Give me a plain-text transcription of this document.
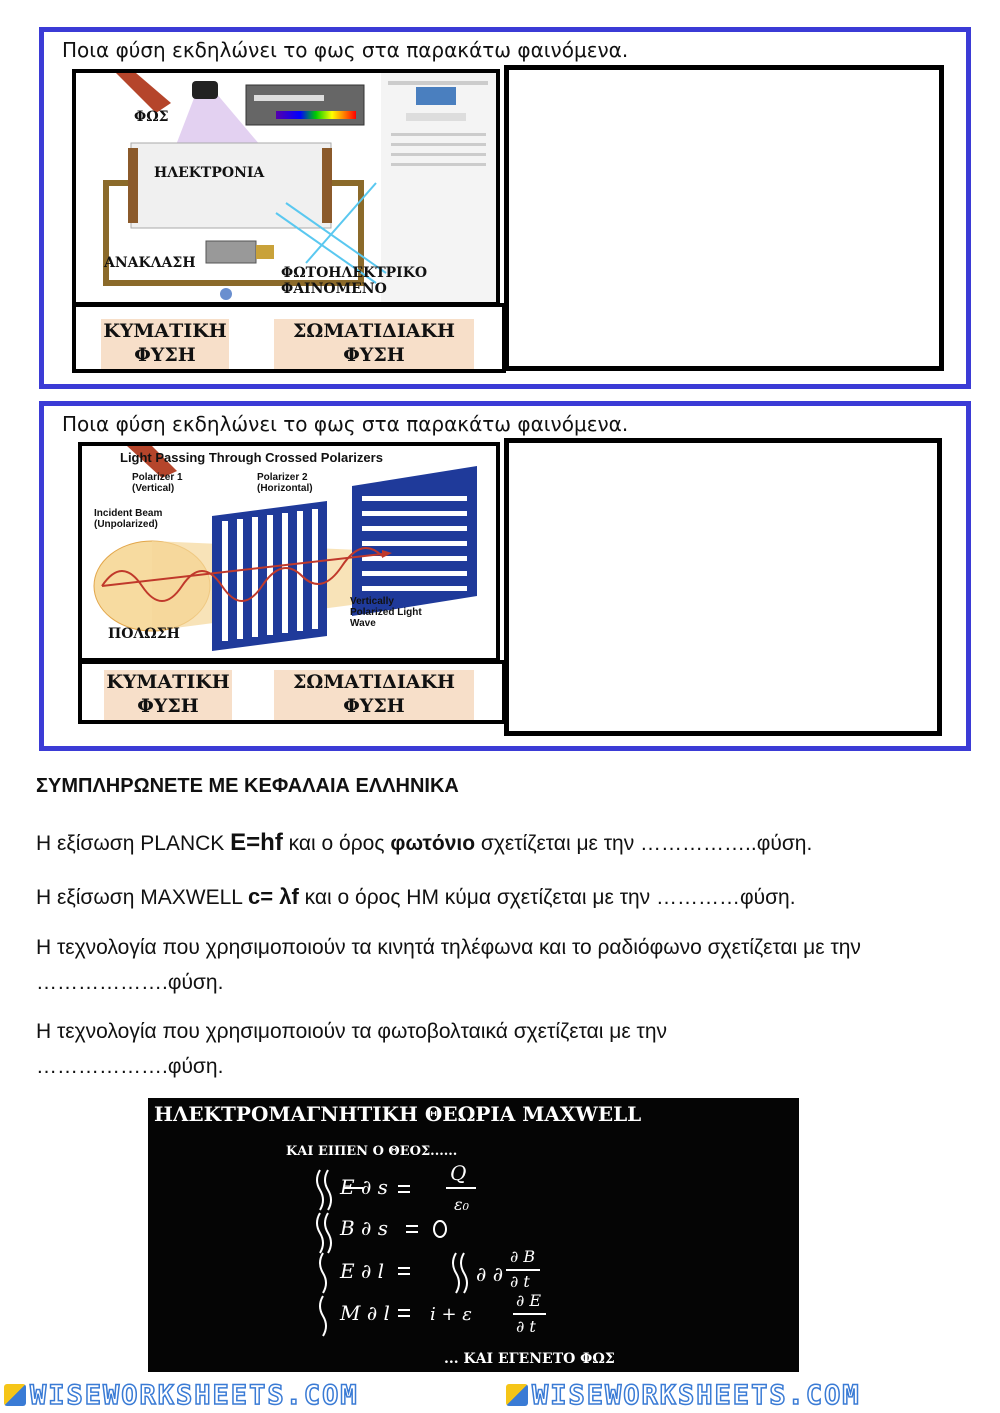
Ποια φύση εκδηλώνει το φως στα παρακάτω φαινόμενα.
ΦΩΣ
ΗΛΕΚΤΡΟΝΙΑ
ΑΝΑΚΛΑΣΗ
ΦΩΤΟΗΛΕΚΤΡΙΚΟ
ΦΑΙΝΟΜΕΝΟ
ΚΥΜΑΤΙΚΗ ΦΥΣΗ
ΣΩΜΑΤΙΔΙΑΚΗ ΦΥΣΗ
Ποια φύση εκδηλώνει το φως στα παρακάτω φαινόμενα.
Light Passing Through Crossed Polarizers
Polarizer 1 (Vertical)
Polarizer 2 (Horizontal)
Incident Beam (Unpolarized)
Vertically Polarized Light Wave
ΠΟΛΩΣΗ
ΚΥΜΑΤΙΚΗ ΦΥΣΗ
ΣΩΜΑΤΙΔΙΑΚΗ ΦΥΣΗ
ΣΥΜΠΛΗΡΩΝΕΤΕ ΜΕ ΚΕΦΑΛΑΙΑ ΕΛΛΗΝΙΚΑ
Η εξίσωση PLANCK E=hf και ο όρος φωτόνιο σχετίζεται με την ……………..φύση.
Η εξίσωση MAXWELL c= λf και ο όρος ΗΜ κύμα σχετίζεται με την …………φύση.
Η τεχνολογία που χρησιμοποιούν τα κινητά τηλέφωνα και το ραδιόφωνο σχετίζεται με την ……………….φύση.
Η τεχνολογία που χρησιμοποιούν τα φωτοβολταικά σχετίζεται με την ……………….φύση.
ΗΛΕΚΤΡΟΜΑΓΝΗΤΙΚΗ ΘΕΩΡΙΑ MAXWELL
ΚΑΙ ΕΙΠΕΝ Ο ΘΕΟΣ......
E ∂ s
Q
ε₀
B ∂ s
E ∂ l	∂ ∂
∂ B
∂ t
M ∂ l i + ε
∂ E
∂ t
... ΚΑΙ ΕΓΕΝΕΤΟ ΦΩΣ
WISEWORKSHEETS.COM	WISEWORKSHEETS.COM
